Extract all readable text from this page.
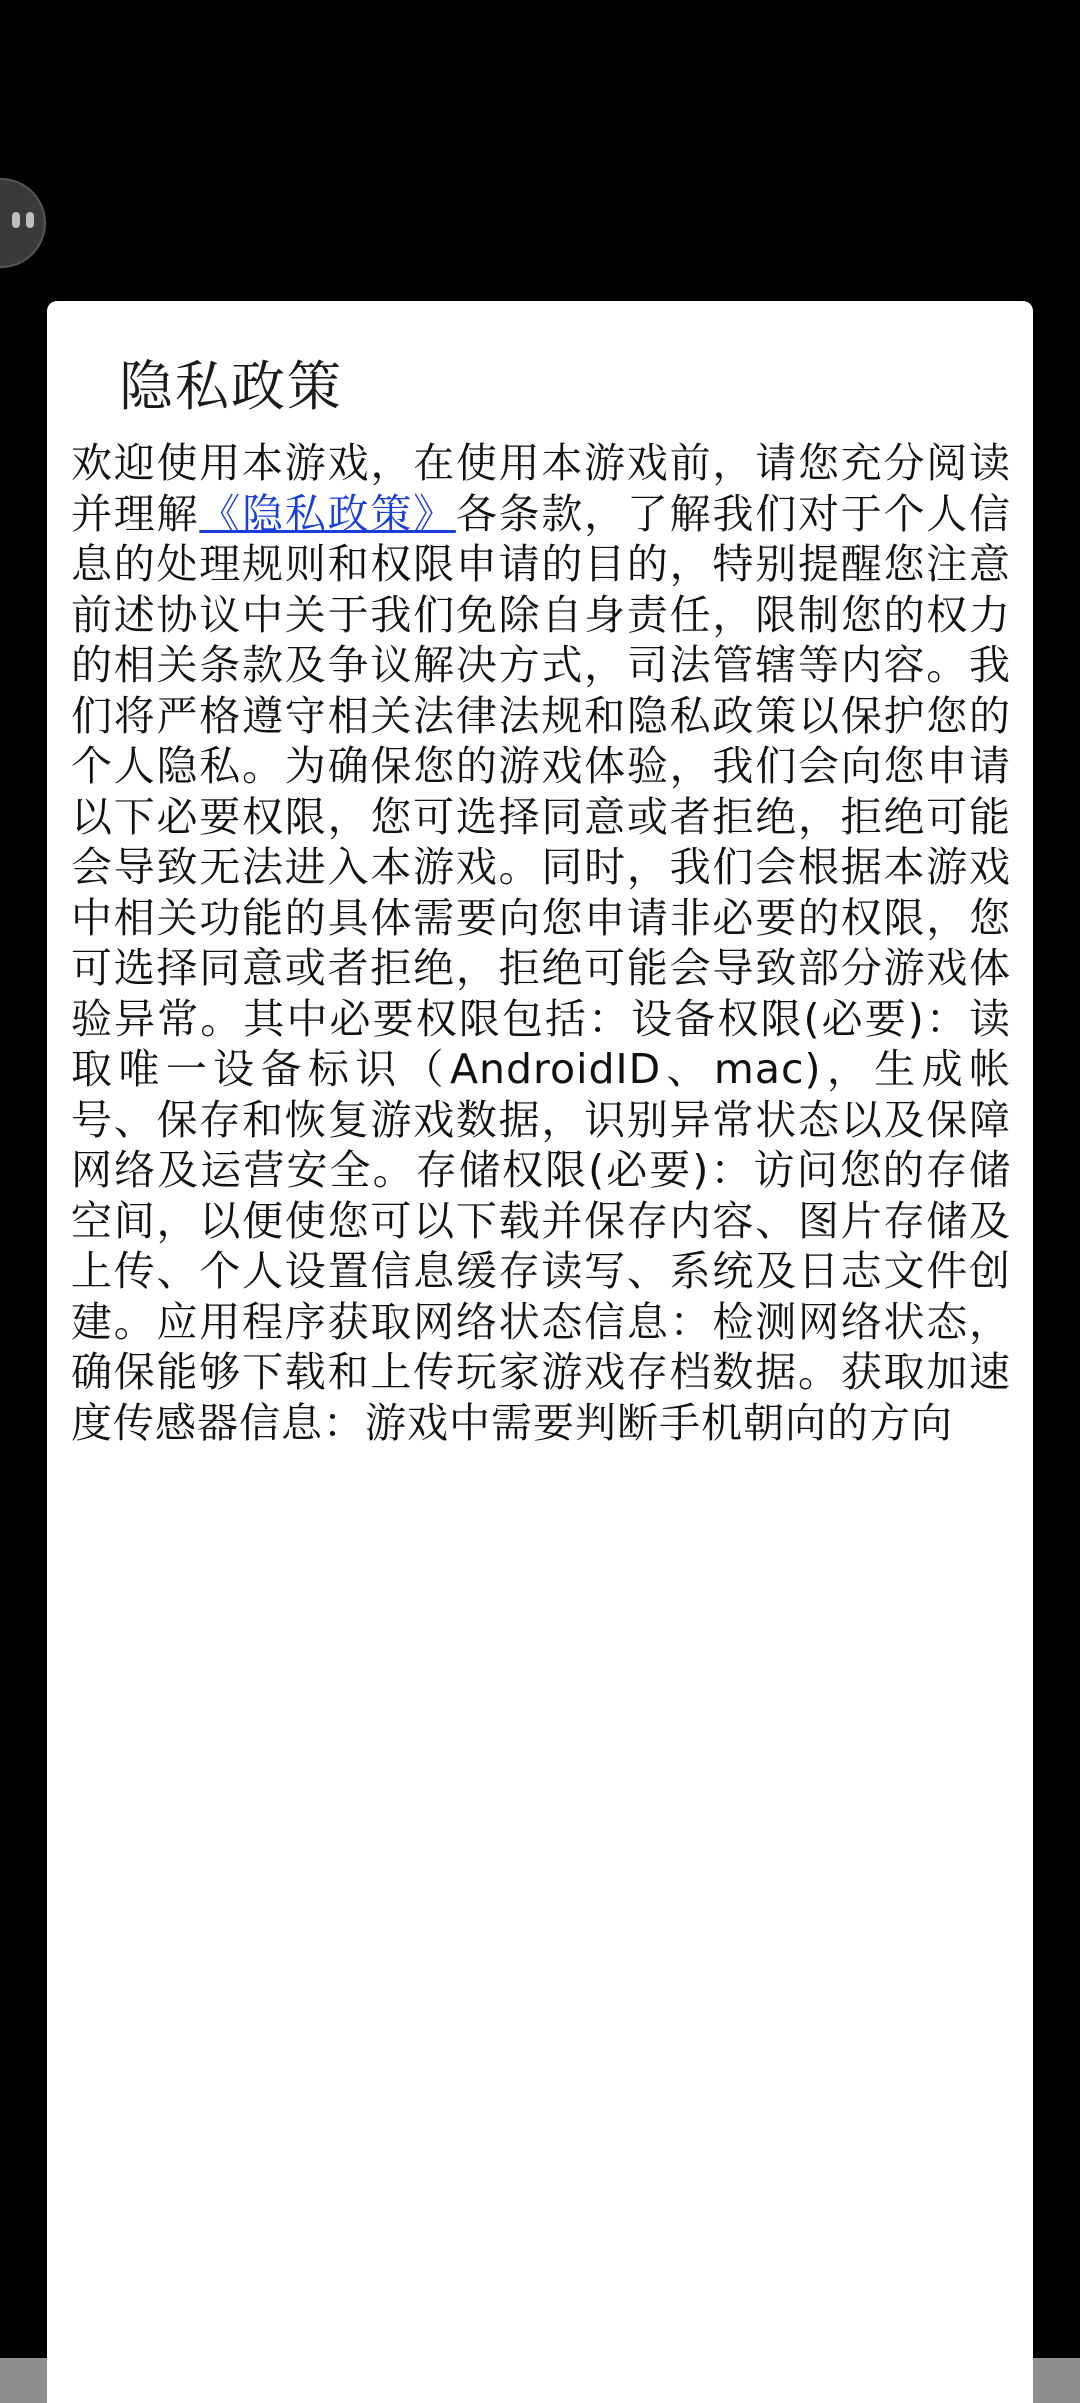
隐私政策
欢迎使用本游戏，在使用本游戏前，请您充分阅读并理解《隐私政策》各条款，了解我们对于个人信息的处理规则和权限申请的目的，特别提醒您注意前述协议中关于我们免除自身责任，限制您的权力的相关条款及争议解决方式，司法管辖等内容。我们将严格遵守相关法律法规和隐私政策以保护您的个人隐私。为确保您的游戏体验，我们会向您申请以下必要权限，您可选择同意或者拒绝，拒绝可能会导致无法进入本游戏。同时，我们会根据本游戏中相关功能的具体需要向您申请非必要的权限，您可选择同意或者拒绝，拒绝可能会导致部分游戏体验异常。其中必要权限包括：设备权限(必要)：读取唯一设备标识（AndroidID、mac)，生成帐号、保存和恢复游戏数据，识别异常状态以及保障网络及运营安全。存储权限(必要)：访问您的存储空间，以便使您可以下载并保存内容、图片存储及上传、个人设置信息缓存读写、系统及日志文件创建。应用程序获取网络状态信息：检测网络状态，确保能够下载和上传玩家游戏存档数据。获取加速度传感器信息：游戏中需要判断手机朝向的方向
